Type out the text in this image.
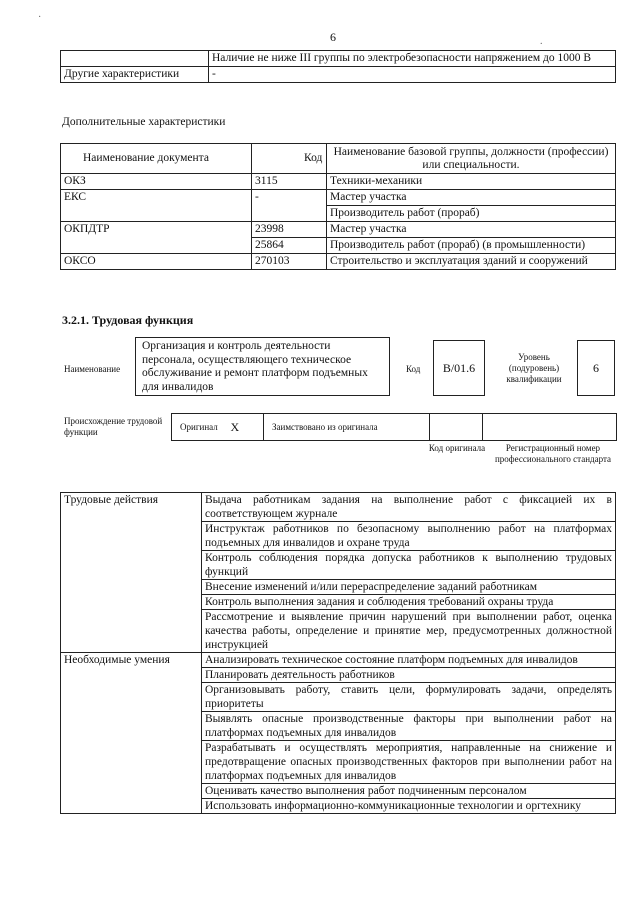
·
.
6
	Наличие не ниже III группы по электробезопасности напряжением до 1000 В
Другие характеристики	-
Дополнительные характеристики
Наименование документа	Код	Наименование базовой группы, должности (профессии) или специальности.
ОКЗ	3115	Техники-механики
ЕКС	-	Мастер участка
		Производитель работ (прораб)
ОКПДТР	23998	Мастер участка
	25864	Производитель работ (прораб) (в промышленности)
ОКСО	270103	Строительство и эксплуатация зданий и сооружений
3.2.1. Трудовая функция
Наименование
Организация и контроль деятельности персонала, осуществляющего техническое обслуживание и ремонт платформ подъемных для инвалидов
Код	В/01.6
Уровень (подуровень) квалификации
6
Происхождение трудовой функции	Оригинал	X	Заимствовано из оригинала		
Код оригинала	Регистрационный номер профессионального стандарта
Трудовые действия	Выдача работникам задания на выполнение работ с фиксацией их в соответствующем журнале
	Инструктаж работников по безопасному выполнению работ на платформах подъемных для инвалидов и охране труда
	Контроль соблюдения порядка допуска работников к выполнению трудовых функций
	Внесение изменений и/или перераспределение заданий работникам
	Контроль выполнения задания и соблюдения требований охраны труда
	Рассмотрение и выявление причин нарушений при выполнении работ, оценка качества работы, определение и принятие мер, предусмотренных должностной инструкцией
Необходимые умения	Анализировать техническое состояние платформ подъемных для инвалидов
	Планировать деятельность работников
	Организовывать работу, ставить цели, формулировать задачи, определять приоритеты
	Выявлять опасные производственные факторы при выполнении работ на платформах подъемных для инвалидов
	Разрабатывать и осуществлять мероприятия, направленные на снижение и предотвращение опасных производственных факторов при выполнении работ на платформах подъемных для инвалидов
	Оценивать качество выполнения работ подчиненным персоналом
	Использовать информационно-коммуникационные технологии и оргтехнику
